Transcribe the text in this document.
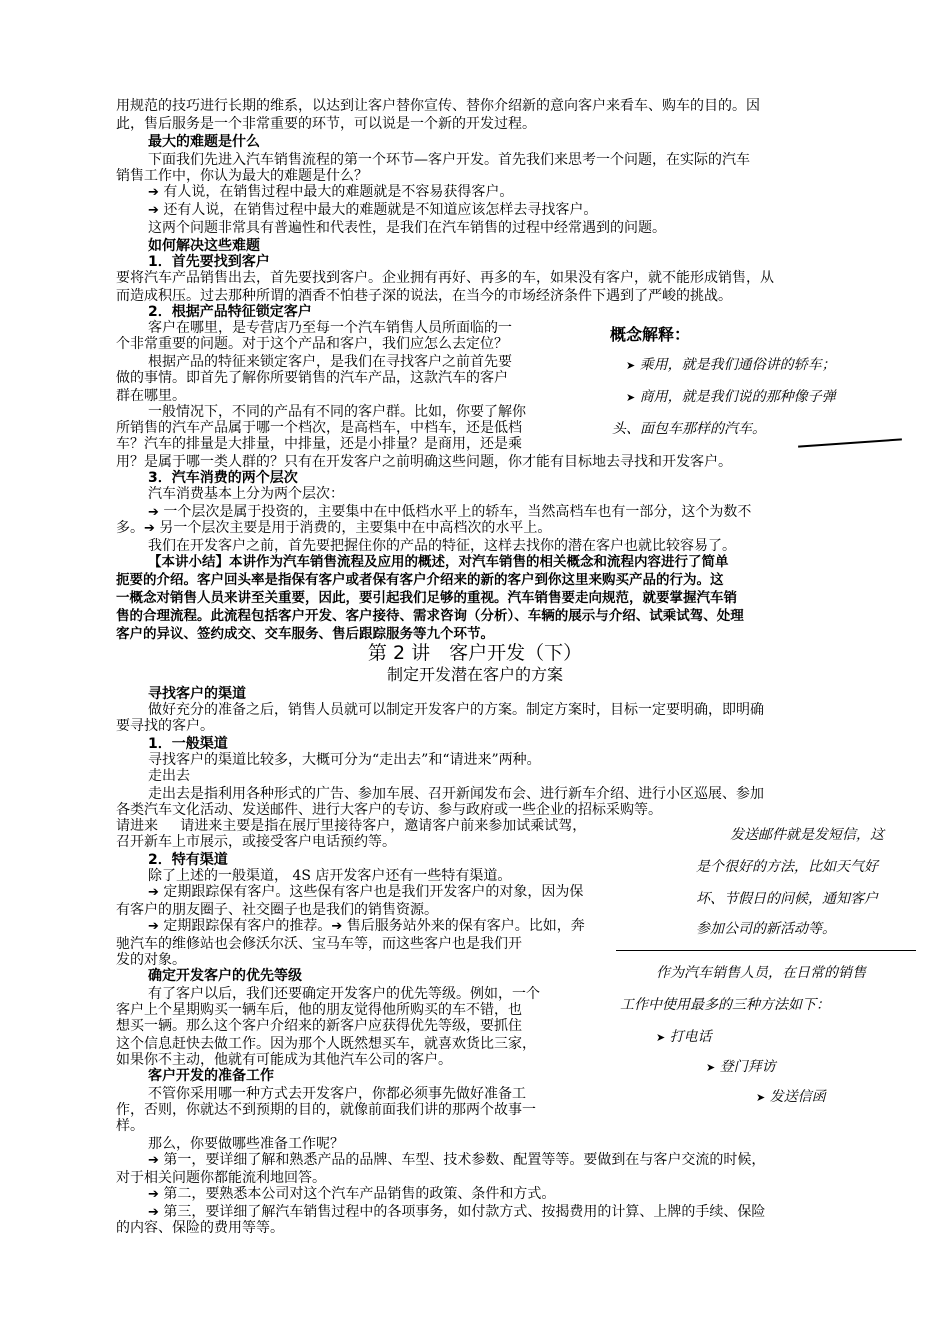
用规范的技巧进行长期的维系，以达到让客户替你宣传、替你介绍新的意向客户来看车、购车的目的。因
此，售后服务是一个非常重要的环节，可以说是一个新的开发过程。
最大的难题是什么
下面我们先进入汽车销售流程的第一个环节—客户开发。首先我们来思考一个问题，在实际的汽车
销售工作中，你认为最大的难题是什么？
➔ 有人说，在销售过程中最大的难题就是不容易获得客户。
➔ 还有人说，在销售过程中最大的难题就是不知道应该怎样去寻找客户。
这两个问题非常具有普遍性和代表性，是我们在汽车销售的过程中经常遇到的问题。
如何解决这些难题
1．首先要找到客户
要将汽车产品销售出去，首先要找到客户。企业拥有再好、再多的车，如果没有客户，就不能形成销售，从
而造成积压。过去那种所谓的酒香不怕巷子深的说法，在当今的市场经济条件下遇到了严峻的挑战。
2．根据产品特征锁定客户
客户在哪里，是专营店乃至每一个汽车销售人员所面临的一
个非常重要的问题。对于这个产品和客户，我们应怎么去定位？
根据产品的特征来锁定客户，是我们在寻找客户之前首先要
做的事情。即首先了解你所要销售的汽车产品，这款汽车的客户
群在哪里。
一般情况下，不同的产品有不同的客户群。比如，你要了解你
所销售的汽车产品属于哪一个档次，是高档车，中档车，还是低档
车？汽车的排量是大排量，中排量，还是小排量？是商用，还是乘
用？是属于哪一类人群的？只有在开发客户之前明确这些问题，你才能有目标地去寻找和开发客户。
概念解释：
➤ 乘用，就是我们通俗讲的轿车；
➤ 商用，就是我们说的那种像子弹
头、面包车那样的汽车。
3．汽车消费的两个层次
汽车消费基本上分为两个层次：
➔ 一个层次是属于投资的，主要集中在中低档水平上的轿车，当然高档车也有一部分，这个为数不
多。➔ 另一个层次主要是用于消费的，主要集中在中高档次的水平上。
我们在开发客户之前，首先要把握住你的产品的特征，这样去找你的潜在客户也就比较容易了。
【本讲小结】本讲作为汽车销售流程及应用的概述，对汽车销售的相关概念和流程内容进行了简单
扼要的介绍。客户回头率是指保有客户或者保有客户介绍来的新的客户到你这里来购买产品的行为。这
一概念对销售人员来讲至关重要，因此，要引起我们足够的重视。汽车销售要走向规范，就要掌握汽车销
售的合理流程。此流程包括客户开发、客户接待、需求咨询（分析）、车辆的展示与介绍、试乘试驾、处理
客户的异议、签约成交、交车服务、售后跟踪服务等九个环节。
第 2 讲　客户开发（下）
制定开发潜在客户的方案
寻找客户的渠道
做好充分的准备之后，销售人员就可以制定开发客户的方案。制定方案时，目标一定要明确，即明确
要寻找的客户。
1．一般渠道
寻找客户的渠道比较多，大概可分为“走出去”和“请进来”两种。
走出去
走出去是指利用各种形式的广告、参加车展、召开新闻发布会、进行新车介绍、进行小区巡展、参加
各类汽车文化活动、发送邮件、进行大客户的专访、参与政府或一些企业的招标采购等。
请进来 请进来主要是指在展厅里接待客户，邀请客户前来参加试乘试驾，
召开新车上市展示，或接受客户电话预约等。
2．特有渠道
除了上述的一般渠道， 4S 店开发客户还有一些特有渠道。
➔ 定期跟踪保有客户。这些保有客户也是我们开发客户的对象，因为保
有客户的朋友圈子、社交圈子也是我们的销售资源。
➔ 定期跟踪保有客户的推荐。➔ 售后服务站外来的保有客户。比如，奔
驰汽车的维修站也会修沃尔沃、宝马车等，而这些客户也是我们开
发的对象。
确定开发客户的优先等级
有了客户以后，我们还要确定开发客户的优先等级。例如，一个
客户上个星期购买一辆车后，他的朋友觉得他所购买的车不错，也
想买一辆。那么这个客户介绍来的新客户应获得优先等级，要抓住
这个信息赶快去做工作。因为那个人既然想买车，就喜欢货比三家，
如果你不主动，他就有可能成为其他汽车公司的客户。
客户开发的准备工作
不管你采用哪一种方式去开发客户，你都必须事先做好准备工
作，否则，你就达不到预期的目的，就像前面我们讲的那两个故事一
样。
那么，你要做哪些准备工作呢？
➔ 第一，要详细了解和熟悉产品的品牌、车型、技术参数、配置等等。要做到在与客户交流的时候，
对于相关问题你都能流利地回答。
➔ 第二，要熟悉本公司对这个汽车产品销售的政策、条件和方式。
➔ 第三，要详细了解汽车销售过程中的各项事务，如付款方式、按揭费用的计算、上牌的手续、保险
的内容、保险的费用等等。
发送邮件就是发短信，这
是个很好的方法，比如天气好
坏、节假日的问候，通知客户
参加公司的新活动等。
作为汽车销售人员，在日常的销售
工作中使用最多的三种方法如下：
➤ 打电话
➤ 登门拜访
➤ 发送信函
